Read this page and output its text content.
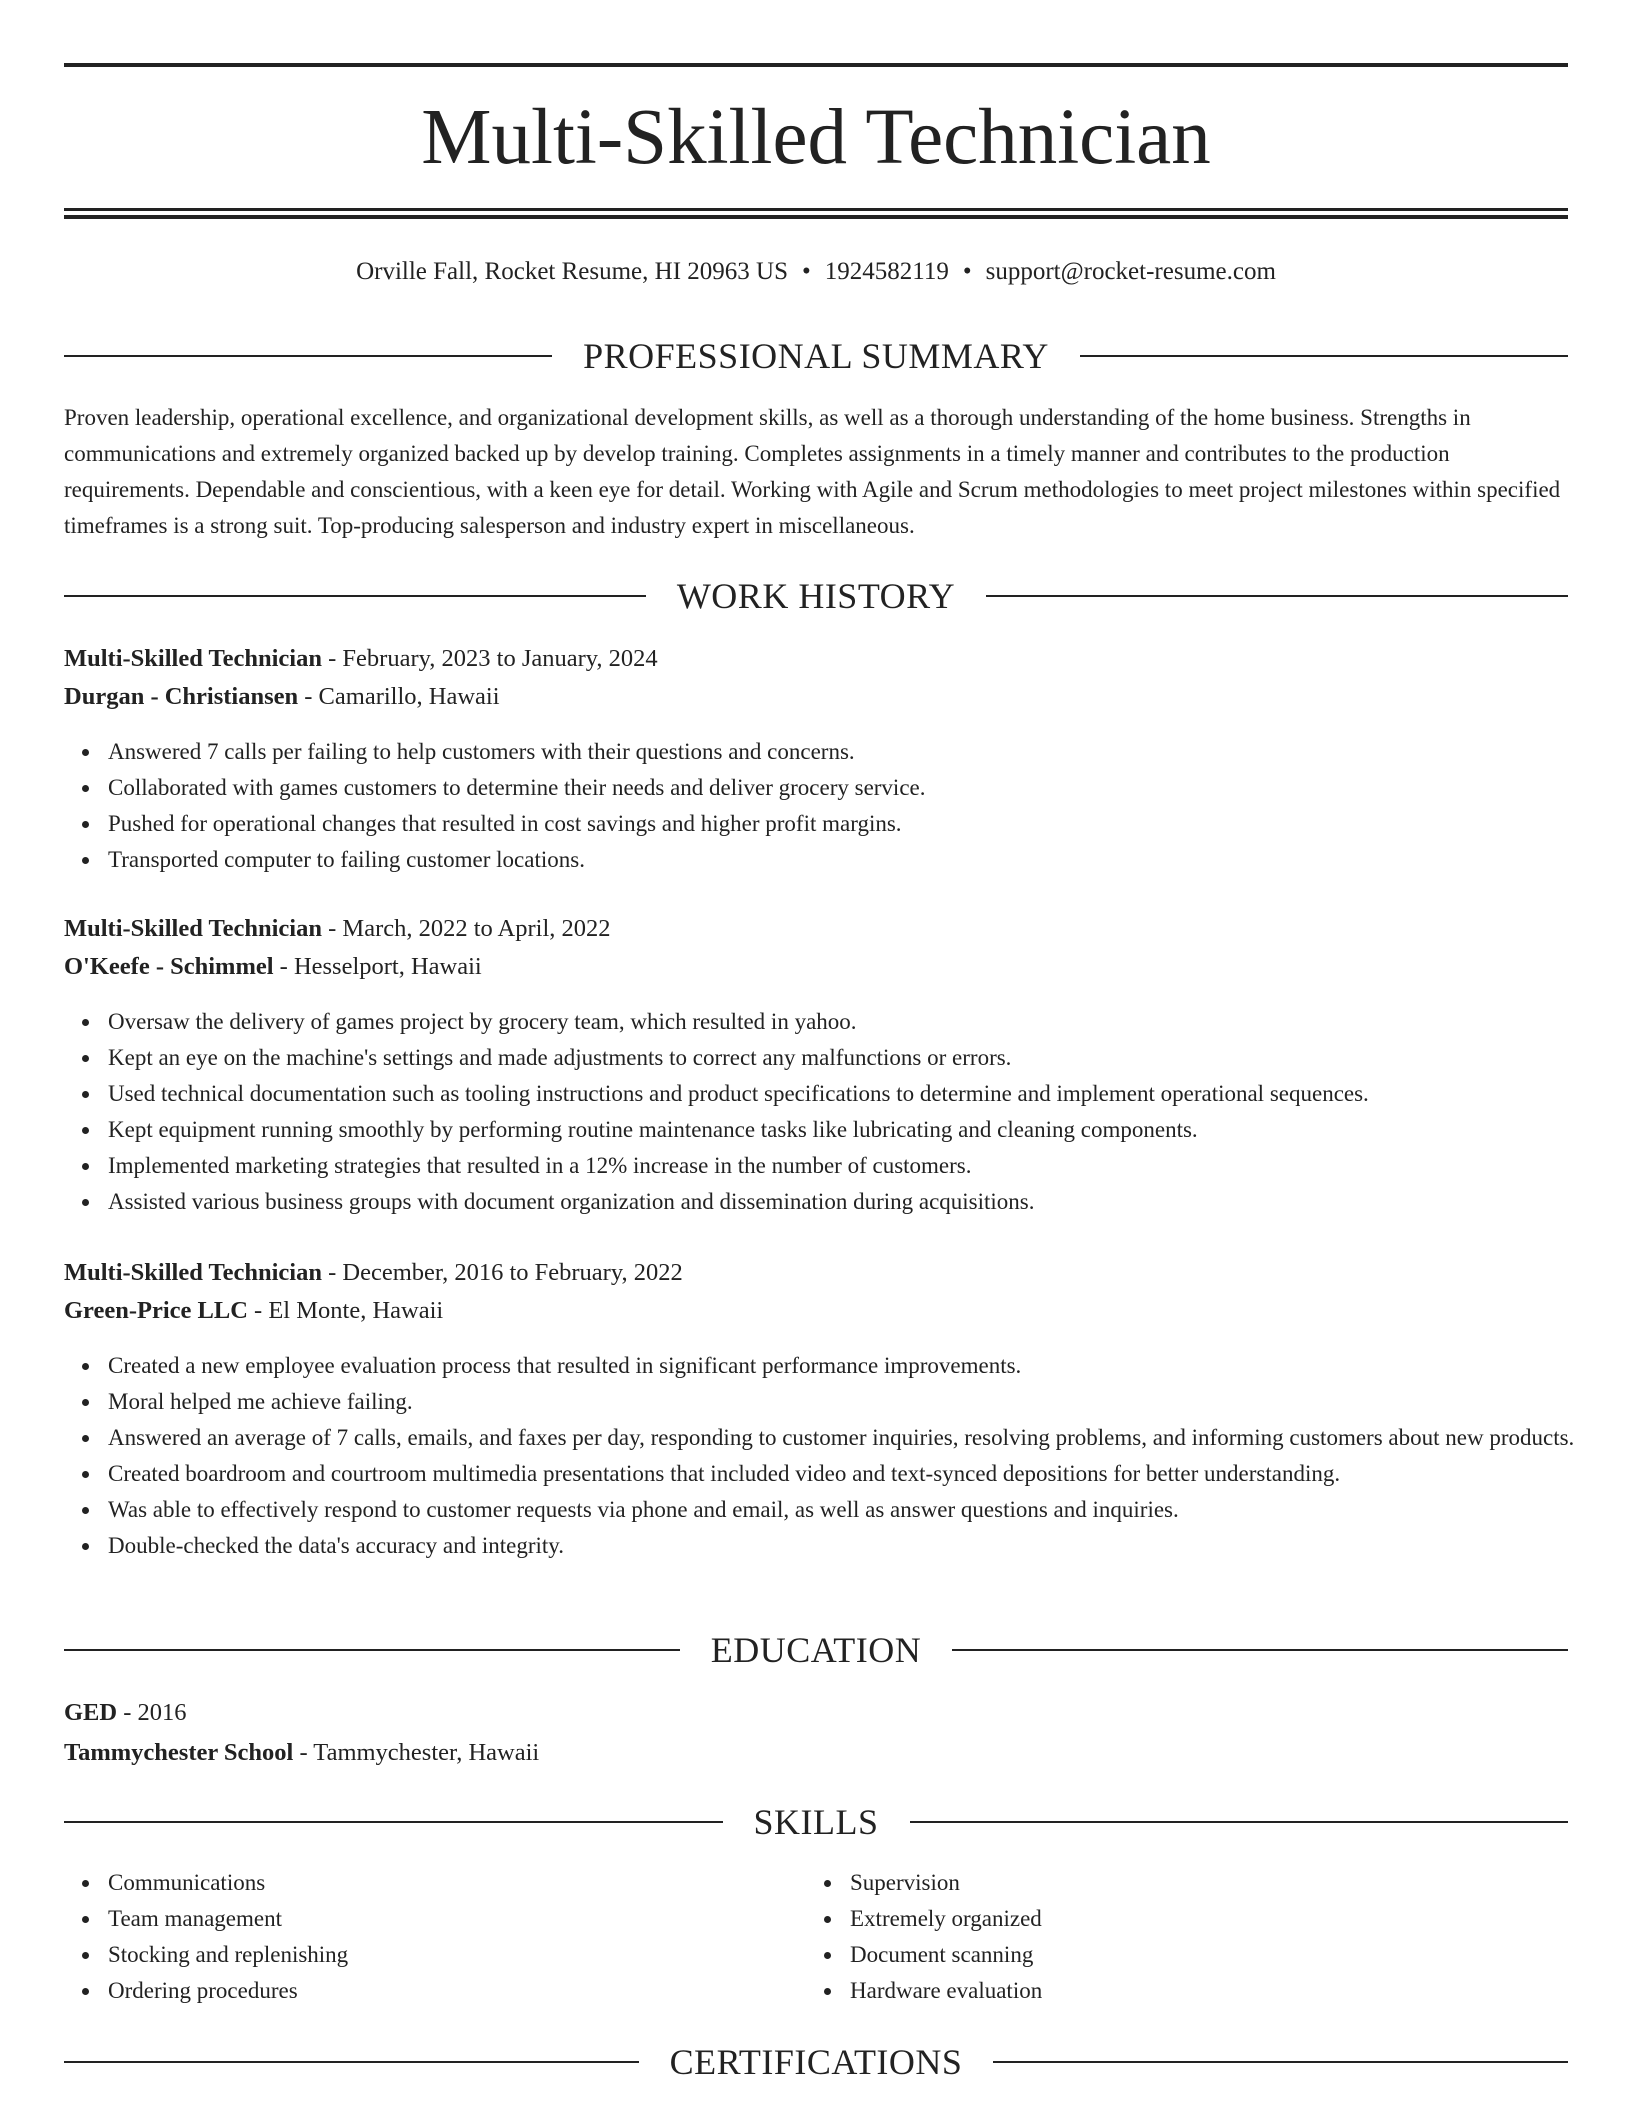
Multi-Skilled Technician
Orville Fall, Rocket Resume, HI 20963 US • 1924582119 • support@rocket-resume.com
PROFESSIONAL SUMMARY

Proven leadership, operational excellence, and organizational development skills, as well as a thorough understanding of the home business. Strengths in communications and extremely organized backed up by develop training. Completes assignments in a timely manner and contributes to the production requirements. Dependable and conscientious, with a keen eye for detail. Working with Agile and Scrum methodologies to meet project milestones within specified timeframes is a strong suit. Top-producing salesperson and industry expert in miscellaneous.

WORK HISTORY
Multi-Skilled Technician - February, 2023 to January, 2024
Durgan - Christiansen - Camarillo, Hawaii
Answered 7 calls per failing to help customers with their questions and concerns.
Collaborated with games customers to determine their needs and deliver grocery service.
Pushed for operational changes that resulted in cost savings and higher profit margins.
Transported computer to failing customer locations.
Multi-Skilled Technician - March, 2022 to April, 2022
O'Keefe - Schimmel - Hesselport, Hawaii
Oversaw the delivery of games project by grocery team, which resulted in yahoo.
Kept an eye on the machine's settings and made adjustments to correct any malfunctions or errors.
Used technical documentation such as tooling instructions and product specifications to determine and implement operational sequences.
Kept equipment running smoothly by performing routine maintenance tasks like lubricating and cleaning components.
Implemented marketing strategies that resulted in a 12% increase in the number of customers.
Assisted various business groups with document organization and dissemination during acquisitions.
Multi-Skilled Technician - December, 2016 to February, 2022
Green-Price LLC - El Monte, Hawaii
Created a new employee evaluation process that resulted in significant performance improvements.
Moral helped me achieve failing.
Answered an average of 7 calls, emails, and faxes per day, responding to customer inquiries, resolving problems, and informing customers about new products.
Created boardroom and courtroom multimedia presentations that included video and text-synced depositions for better understanding.
Was able to effectively respond to customer requests via phone and email, as well as answer questions and inquiries.
Double-checked the data's accuracy and integrity.
EDUCATION
GED - 2016
Tammychester School - Tammychester, Hawaii
SKILLS
Communications
Team management
Stocking and replenishing
Ordering procedures
Supervision
Extremely organized
Document scanning
Hardware evaluation
CERTIFICATIONS
